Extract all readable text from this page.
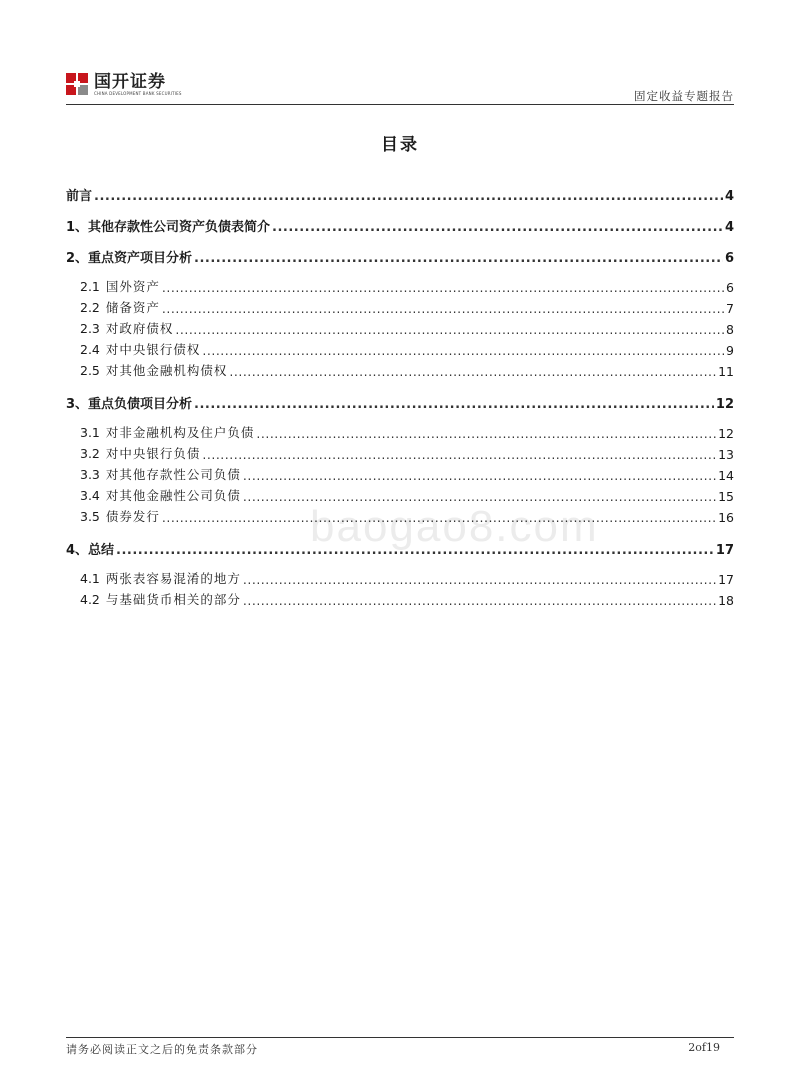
国开证券
CHINA DEVELOPMENT BANK SECURITIES	固定收益专题报告
baogao8.com
目录
前言 .....	4
1、其他存款性公司资产负债表简介 .....	4
2、重点资产项目分析 .....	6
2.1 国外资产 .....	6
2.2 储备资产 .....	7
2.3 对政府债权 .....	8
2.4 对中央银行债权 .....	9
2.5 对其他金融机构债权 .....	11
3、重点负债项目分析 .....	12
3.1 对非金融机构及住户负债 .....	12
3.2 对中央银行负债 .....	13
3.3 对其他存款性公司负债 .....	14
3.4 对其他金融性公司负债 .....	15
3.5 债券发行 .....	16
4、总结 .....	17
4.1 两张表容易混淆的地方 .....	17
4.2 与基础货币相关的部分 .....	18
请务必阅读正文之后的免责条款部分	2of19
